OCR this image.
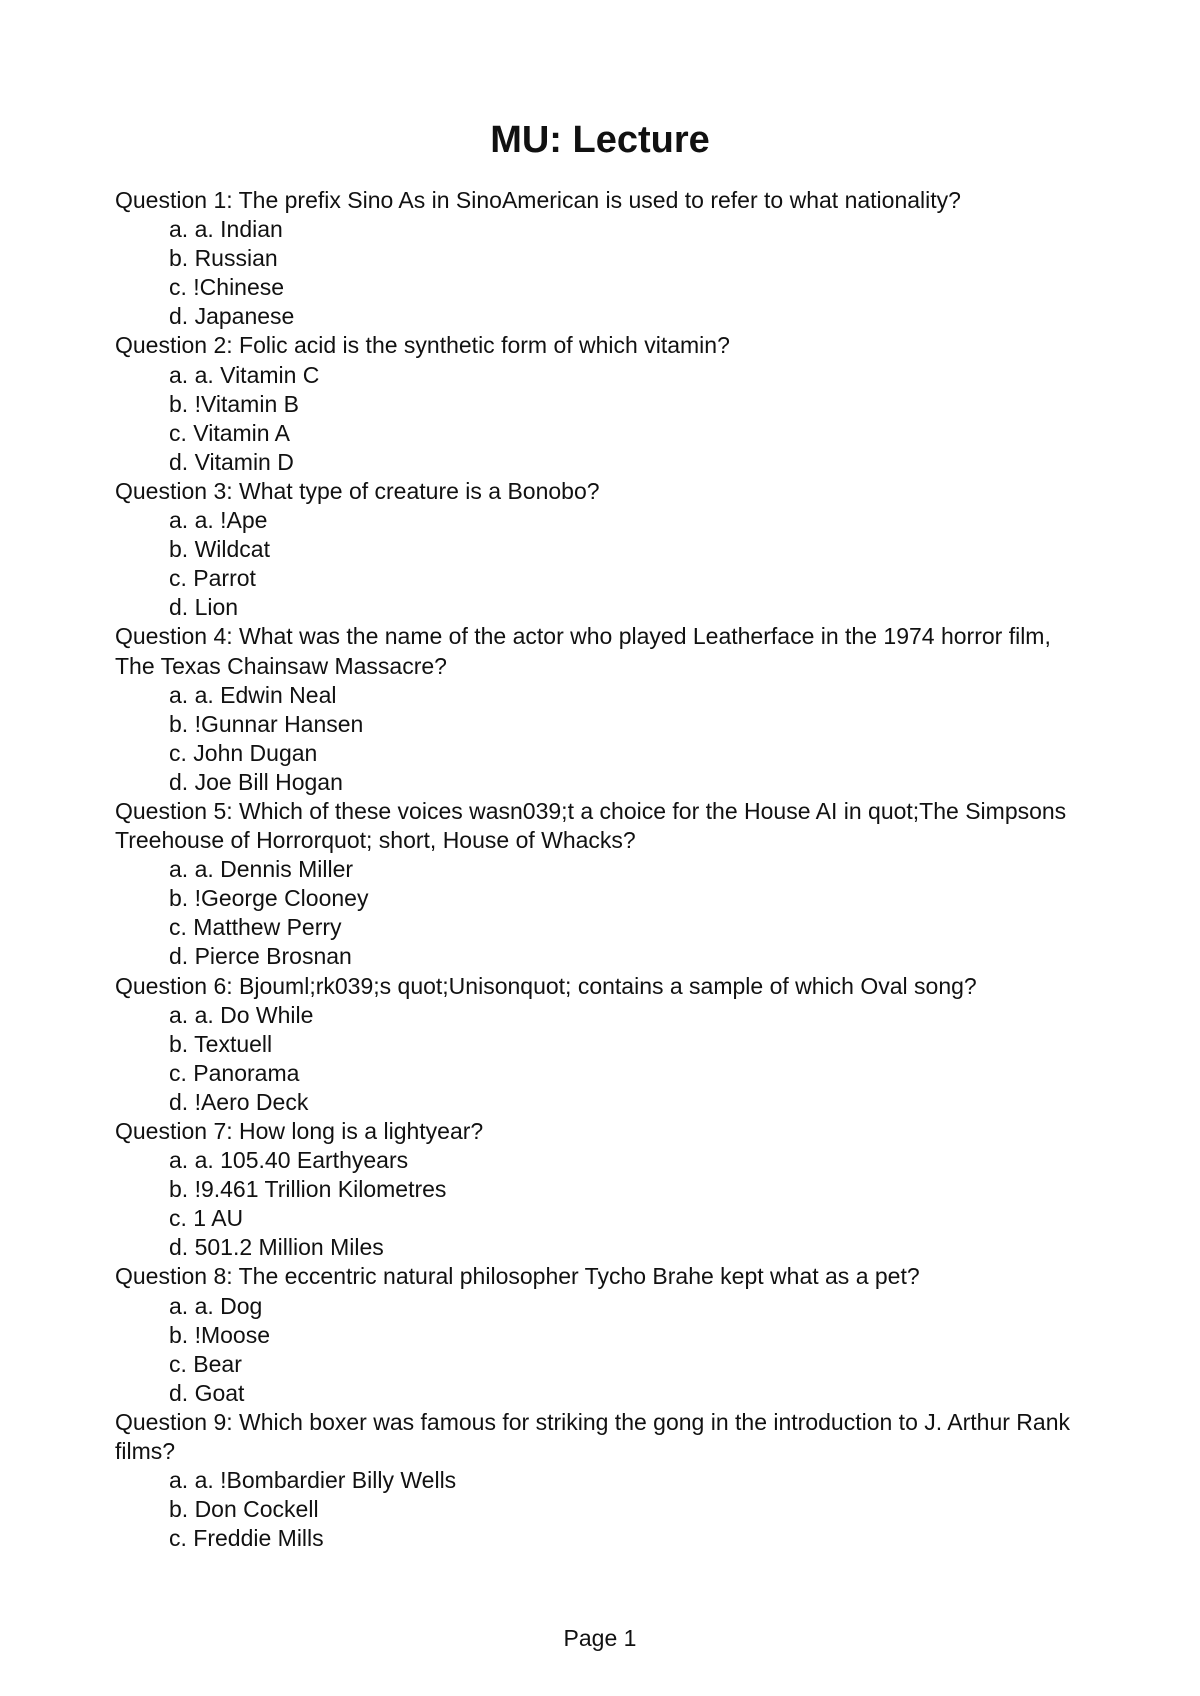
MU: Lecture

Question 1: The prefix Sino As in SinoAmerican is used to refer to what nationality?

a. a. Indian
b. Russian
c. !Chinese
d. Japanese

Question 2: Folic acid is the synthetic form of which vitamin?

a. a. Vitamin C
b. !Vitamin B
c. Vitamin A
d. Vitamin D

Question 3: What type of creature is a Bonobo?

a. a. !Ape
b. Wildcat
c. Parrot
d. Lion

Question 4: What was the name of the actor who played Leatherface in the 1974 horror film, The Texas Chainsaw Massacre?

a. a. Edwin Neal
b. !Gunnar Hansen
c. John Dugan
d. Joe Bill Hogan

Question 5: Which of these voices wasn039;t a choice for the House AI in quot;The Simpsons Treehouse of Horrorquot; short, House of Whacks?

a. a. Dennis Miller
b. !George Clooney
c. Matthew Perry
d. Pierce Brosnan

Question 6: Bjouml;rk039;s quot;Unisonquot; contains a sample of which Oval song?

a. a. Do While
b. Textuell
c. Panorama
d. !Aero Deck

Question 7: How long is a lightyear?

a. a. 105.40 Earthyears
b. !9.461 Trillion Kilometres
c. 1 AU
d. 501.2 Million Miles

Question 8: The eccentric natural philosopher Tycho Brahe kept what as a pet?

a. a. Dog
b. !Moose
c. Bear
d. Goat

Question 9: Which boxer was famous for striking the gong in the introduction to J. Arthur Rank films?

a. a. !Bombardier Billy Wells
b. Don Cockell
c. Freddie Mills
Page 1
